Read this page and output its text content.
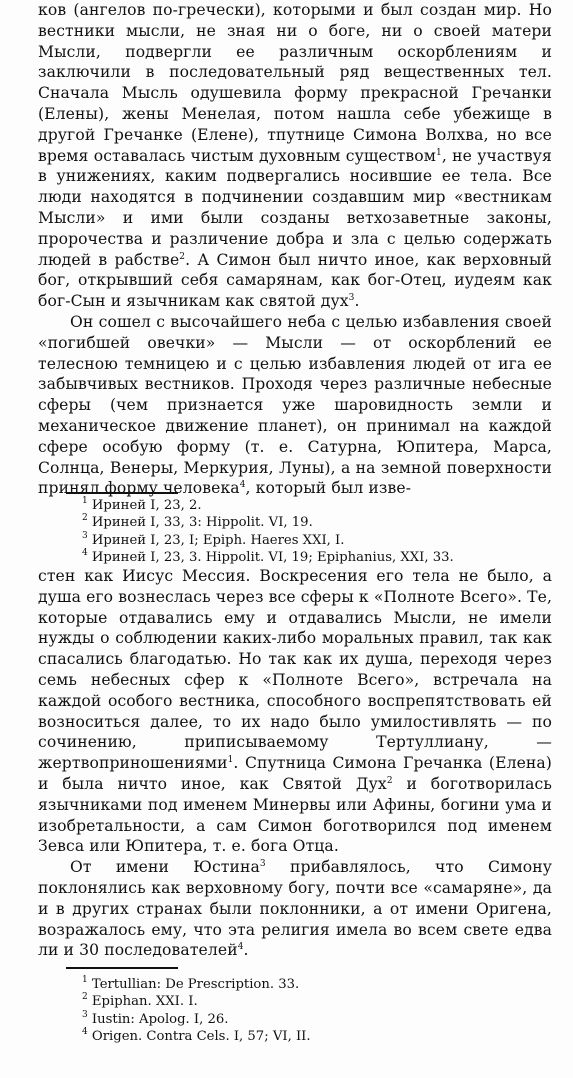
ков (ангелов по-гречески), которыми и был создан мир. Но вестники мысли, не зная ни о боге, ни о своей матери Мысли, подвергли ее различным оскорблениям и заключили в последовательный ряд вещественных тел. Сначала Мысль одушевила форму прекрасной Гречанки (Елены), жены Менелая, потом нашла себе убежище в другой Гречанке (Елене), тпутнице Симона Волхва, но все время оставалась чистым духовным существом$^1$, не участвуя в унижениях, каким подвергались носившие ее тела. Все люди находятся в подчинении создавшим мир «вестникам Мысли» и ими были созданы ветхозаветные законы, пророчества и различение добра и зла с целью содержать людей в рабстве$^2$. А Симон был ничто иное, как верховный бог, открывший себя самарянам, как бог-Отец, иудеям как бог-Сын и язычникам как святой дух$^3$.

Он сошел с высочайшего неба с целью избавления своей «погибшей овечки» — Мысли — от оскорблений ее телесною темницею и с целью избавления людей от ига ее забывчивых вестников. Проходя через различные небесные сферы (чем признается уже шаровидность земли и механическое движение планет), он принимал на каждой сфере особую форму (т. е. Сатурна, Юпитера, Марса, Солнца, Венеры, Меркурия, Луны), а на земной поверхности принял форму человека$^4$, который был изве-

$^1$ Ириней I, 23, 2.
$^2$ Ириней I, 33, 3: Hippolit. VI, 19.
$^3$ Ириней I, 23, I; Epiph. Haeres XXI, I.
$^4$ Ириней I, 23, 3. Hippolit. VI, 19; Epiphanius, XXI, 33.

стен как Иисус Мессия. Воскресения его тела не было, а душа его вознеслась через все сферы к «Полноте Всего». Те, которые отдавались ему и отдавались Мысли, не имели нужды о соблюдении каких-либо моральных правил, так как спасались благодатью. Но так как их душа, переходя через семь небесных сфер к «Полноте Всего», встречала на каждой особого вестника, способного воспрепятствовать ей возноситься далее, то их надо было умилостивлять — по сочинению, приписываемому Тертуллиану, — жертвоприношениями$^1$. Спутница Симона Гречанка (Елена) и была ничто иное, как Святой Дух$^2$ и боготворилась язычниками под именем Минервы или Афины, богини ума и изобретальности, а сам Симон боготворился под именем Зевса или Юпитера, т. е. бога Отца.

От имени Юстина$^3$ прибавлялось, что Симону поклонялись как верховному богу, почти все «самаряне», да и в других странах были поклонники, а от имени Оригена, возражалось ему, что эта религия имела во всем свете едва ли и 30 последователей$^4$.

$^1$ Tertullian: De Prescription. 33.
$^2$ Epiphan. XXI. I.
$^3$ Iustin: Apolog. I, 26.
$^4$ Origen. Contra Cels. I, 57; VI, II.
